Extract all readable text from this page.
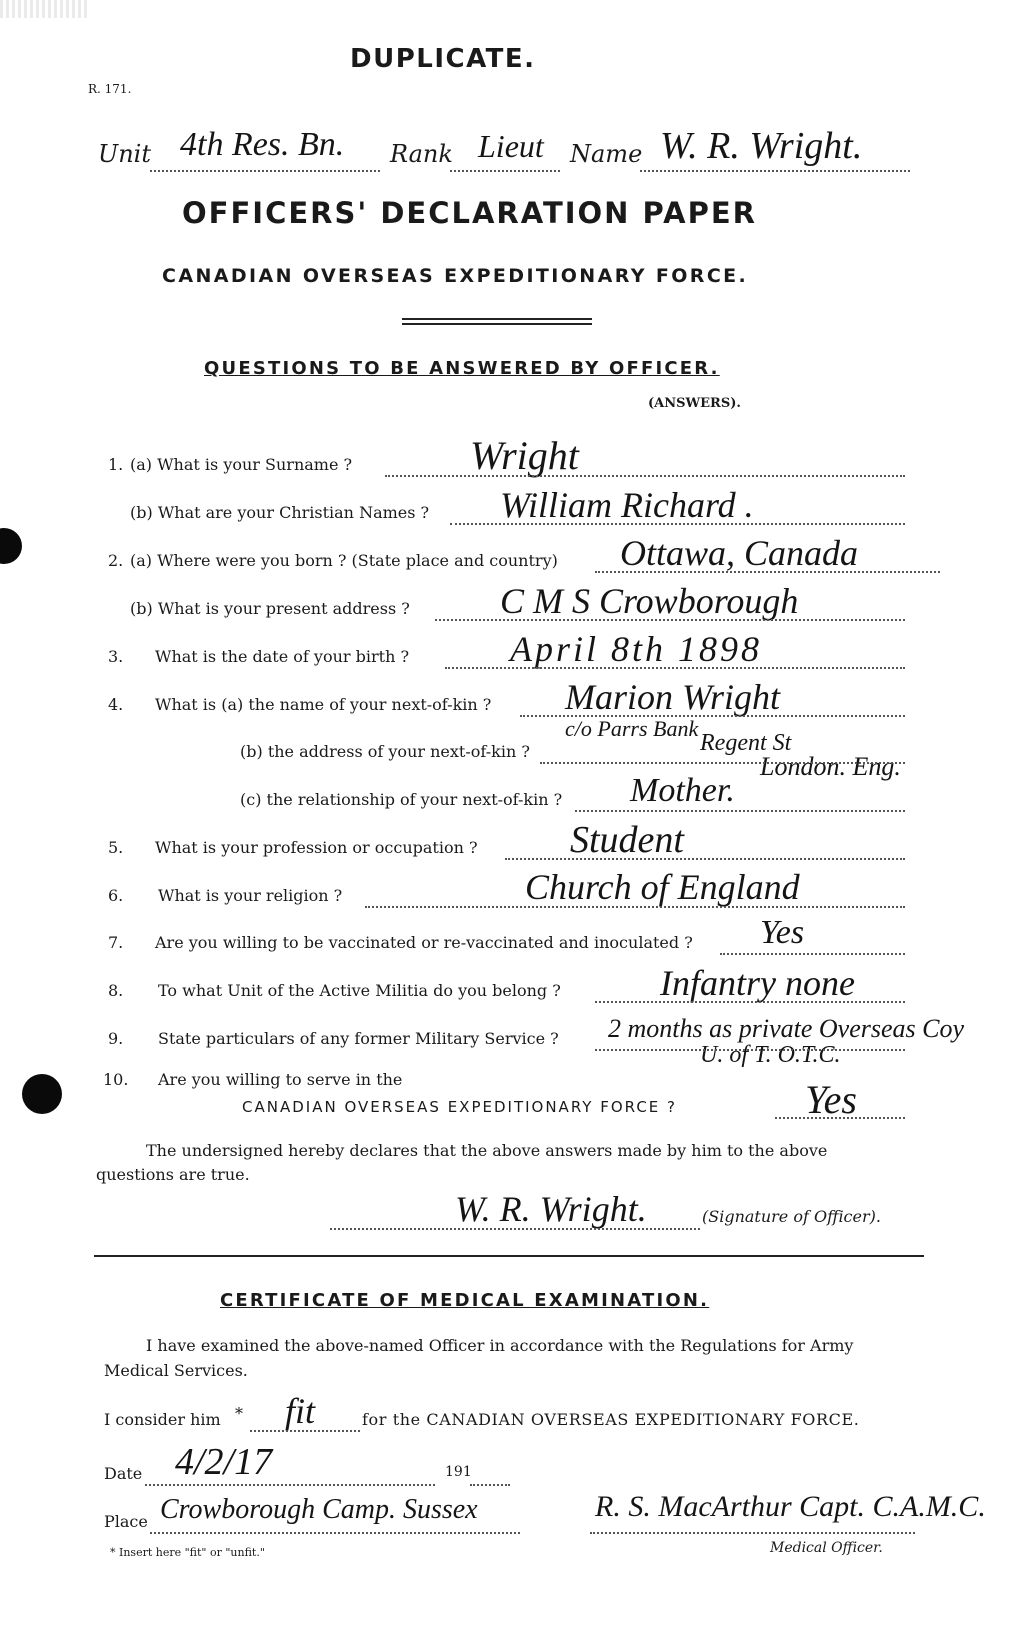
DUPLICATE.
R. 171.
Unit 4th Res. Bn. Rank Lieut Name W. R. Wright.
OFFICERS' DECLARATION PAPER
CANADIAN OVERSEAS EXPEDITIONARY FORCE.
QUESTIONS TO BE ANSWERED BY OFFICER.
(ANSWERS).
1. (a) What is your Surname ?	Wright
(b) What are your Christian Names ? William Richard .
2. (a) Where were you born ? (State place and country) Ottawa, Canada
(b) What is your present address ?	C M S Crowborough
3. What is the date of your birth ?	April 8th 1898
4. What is (a) the name of your next-of-kin ? Marion Wright
(b) the address of your next-of-kin ?
c/o Parrs Bank
Regent St
London. Eng.
(c) the relationship of your next-of-kin ? Mother.
5. What is your profession or occupation ? Student
6. What is your religion ?	Church of England
7. Are you willing to be vaccinated or re-vaccinated and inoculated ? Yes
8. To what Unit of the Active Militia do you belong ?	Infantry none
9. State particulars of any former Military Service ? 2 months as private Overseas Coy
U. of T. O.T.C.
10. Are you willing to serve in the
CANADIAN OVERSEAS EXPEDITIONARY FORCE ?	Yes
The undersigned hereby declares that the above answers made by him to the above
questions are true.
W. R. Wright.	(Signature of Officer).
CERTIFICATE OF MEDICAL EXAMINATION.
I have examined the above-named Officer in accordance with the Regulations for Army
Medical Services.
I consider him * fit	for the CANADIAN OVERSEAS EXPEDITIONARY FORCE.
Date 4/2/17	191
Place Crowborough Camp. Sussex	R. S. MacArthur Capt. C.A.M.C.
Medical Officer.
* Insert here "fit" or "unfit."
